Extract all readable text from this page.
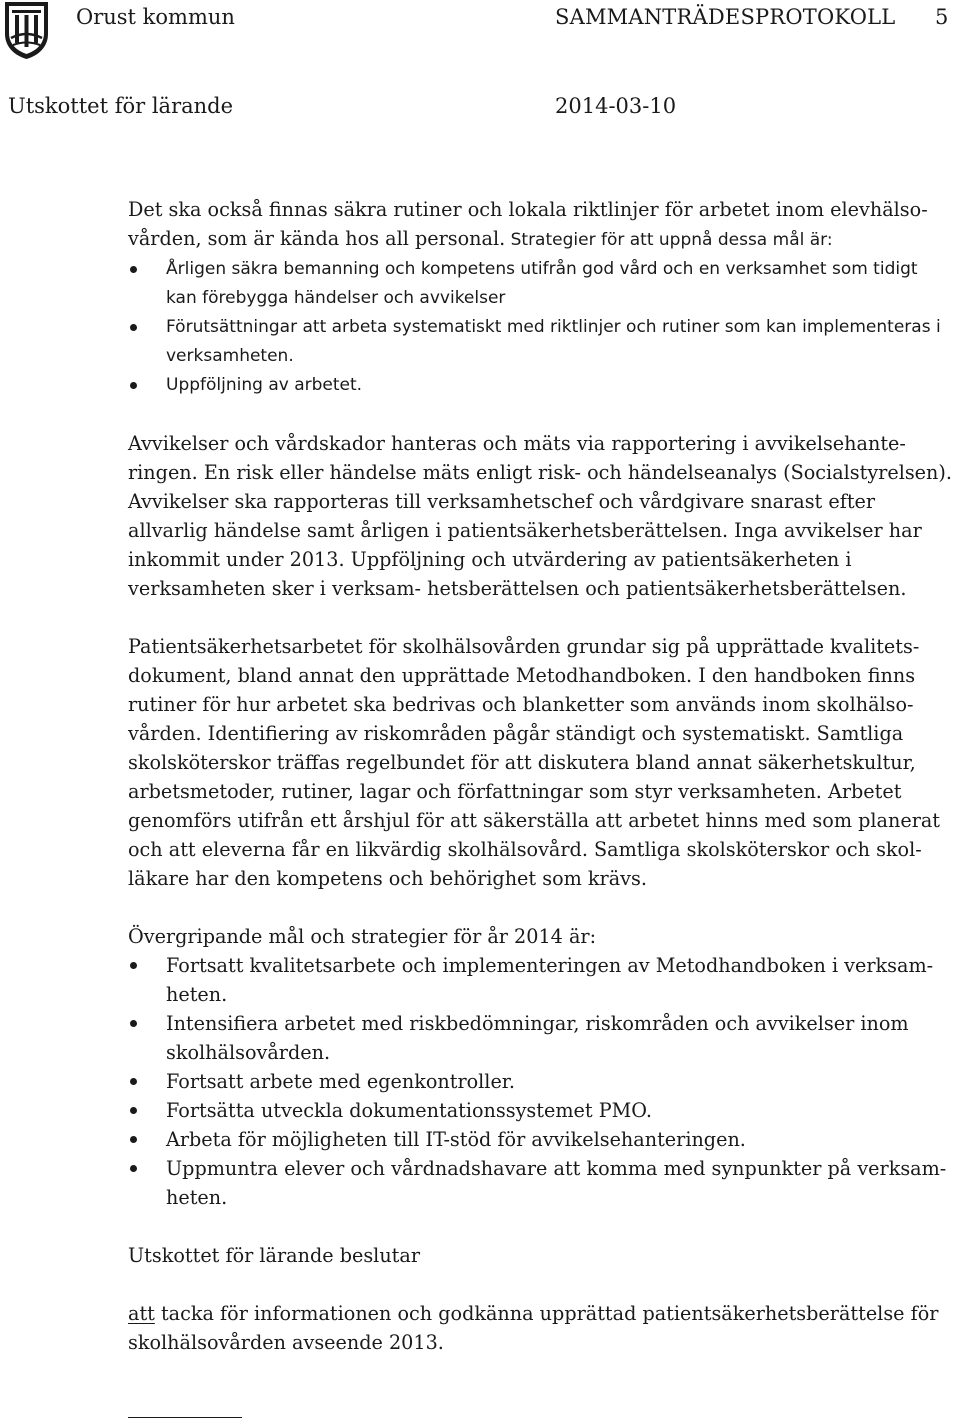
Orust kommun	SAMMANTRÄDESPROTOKOLL 5
Utskottet för lärande	2014-03-10

Det ska också finnas säkra rutiner och lokala riktlinjer för arbetet inom elevhälso-vården, som är kända hos all personal. Strategier för att uppnå dessa mål är:

Årligen säkra bemanning och kompetens utifrån god vård och en verksamhet som tidigt kan förebygga händelser och avvikelser
Förutsättningar att arbeta systematiskt med riktlinjer och rutiner som kan implementeras i verksamheten.
Uppföljning av arbetet.

Avvikelser och vårdskador hanteras och mäts via rapportering i avvikelsehante-ringen. En risk eller händelse mäts enligt risk- och händelseanalys (Socialstyrelsen). Avvikelser ska rapporteras till verksamhetschef och vårdgivare snarast efter allvarlig händelse samt årligen i patientsäkerhetsberättelsen. Inga avvikelser har inkommit under 2013. Uppföljning och utvärdering av patientsäkerheten i verksamheten sker i verksam- hetsberättelsen och patientsäkerhetsberättelsen.

Patientsäkerhetsarbetet för skolhälsovården grundar sig på upprättade kvalitets-dokument, bland annat den upprättade Metodhandboken. I den handboken finns rutiner för hur arbetet ska bedrivas och blanketter som används inom skolhälso-vården. Identifiering av riskområden pågår ständigt och systematiskt. Samtliga skolsköterskor träffas regelbundet för att diskutera bland annat säkerhetskultur, arbetsmetoder, rutiner, lagar och författningar som styr verksamheten. Arbetet genomförs utifrån ett årshjul för att säkerställa att arbetet hinns med som planerat och att eleverna får en likvärdig skolhälsovård. Samtliga skolsköterskor och skol-läkare har den kompetens och behörighet som krävs.

Övergripande mål och strategier för år 2014 är:

Fortsatt kvalitetsarbete och implementeringen av Metodhandboken i verksam-heten.
Intensifiera arbetet med riskbedömningar, riskområden och avvikelser inom skolhälsovården.
Fortsatt arbete med egenkontroller.
Fortsätta utveckla dokumentationssystemet PMO.
Arbeta för möjligheten till IT-stöd för avvikelsehanteringen.
Uppmuntra elever och vårdnadshavare att komma med synpunkter på verksam-heten.

Utskottet för lärande beslutar

att tacka för informationen och godkänna upprättad patientsäkerhetsberättelse för skolhälsovården avseende 2013.
